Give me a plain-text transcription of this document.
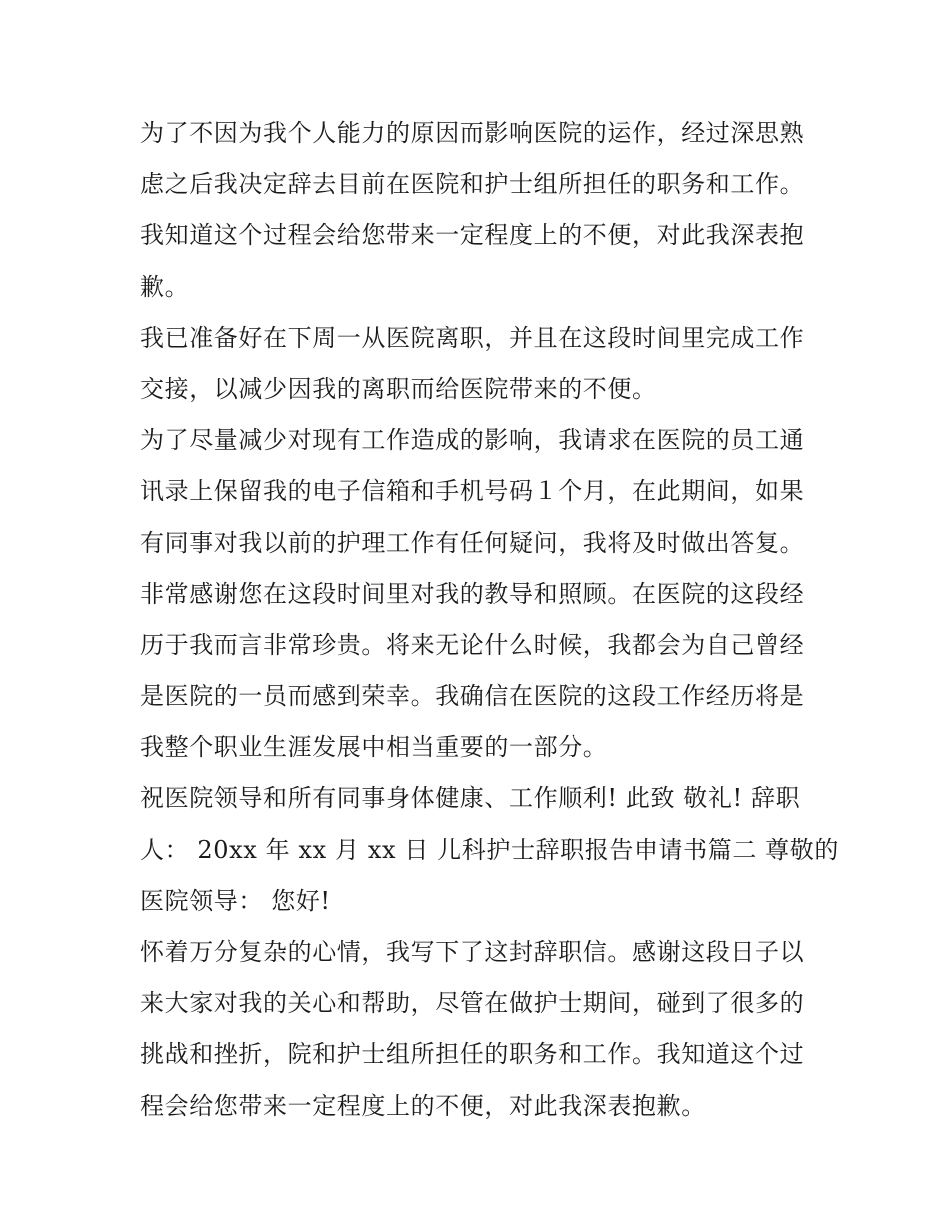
为了不因为我个人能力的原因而影响医院的运作，经过深思熟
虑之后我决定辞去目前在医院和护士组所担任的职务和工作。
我知道这个过程会给您带来一定程度上的不便，对此我深表抱
歉。
我已准备好在下周一从医院离职，并且在这段时间里完成工作
交接，以减少因我的离职而给医院带来的不便。
为了尽量减少对现有工作造成的影响，我请求在医院的员工通
讯录上保留我的电子信箱和手机号码１个月，在此期间，如果
有同事对我以前的护理工作有任何疑问，我将及时做出答复。
非常感谢您在这段时间里对我的教导和照顾。在医院的这段经
历于我而言非常珍贵。将来无论什么时候，我都会为自己曾经
是医院的一员而感到荣幸。我确信在医院的这段工作经历将是
我整个职业生涯发展中相当重要的一部分。
祝医院领导和所有同事身体健康、工作顺利! 此致 敬礼! 辞职
人： 20xx 年 xx 月 xx 日 儿科护士辞职报告申请书篇二 尊敬的
医院领导： 您好!
怀着万分复杂的心情，我写下了这封辞职信。感谢这段日子以
来大家对我的关心和帮助，尽管在做护士期间，碰到了很多的
挑战和挫折，院和护士组所担任的职务和工作。我知道这个过
程会给您带来一定程度上的不便，对此我深表抱歉。
